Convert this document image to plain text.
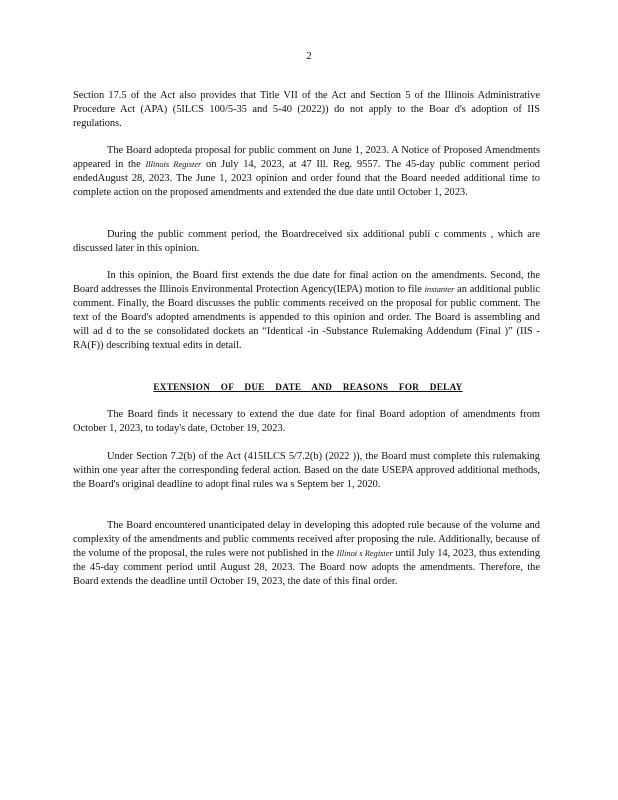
2

Section 17.5 of the Act also provides that Title VII of the Act and Section 5 of the Illinois Administrative Procedure Act (APA) (5ILCS 100/5-35 and 5-40 (2022)) do not apply to the Boar d's adoption of IIS regulations.

The Board adopteda proposal for public comment on June 1, 2023. A Notice of Proposed Amendments appeared in the Illinois Register on July 14, 2023, at 47 Ill. Reg. 9557. The 45-day public comment period endedAugust 28, 2023. The June 1, 2023 opinion and order found that the Board needed additional time to complete action on the proposed amendments and extended the due date until October 1, 2023.

During the public comment period, the Boardreceived six additional publi c comments , which are discussed later in this opinion.

In this opinion, the Board first extends the due date for final action on the amendments. Second, the Board addresses the Illinois Environmental Protection Agency(IEPA) motion to file instanter an additional public comment. Finally, the Board discusses the public comments received on the proposal for public comment. The text of the Board's adopted amendments is appended to this opinion and order. The Board is assembling and will ad d to the se consolidated dockets an “Identical -in -Substance Rulemaking Addendum (Final )” (IIS -RA(F)) describing textual edits in detail.

EXTENSION OF DUE DATE AND REASONS FOR DELAY

The Board finds it necessary to extend the due date for final Board adoption of amendments from October 1, 2023, to today's date, October 19, 2023.

Under Section 7.2(b) of the Act (415ILCS 5/7.2(b) (2022 )), the Board must complete this rulemaking within one year after the corresponding federal action. Based on the date USEPA approved additional methods, the Board's original deadline to adopt final rules wa s Septem ber 1, 2020.

The Board encountered unanticipated delay in developing this adopted rule because of the volume and complexity of the amendments and public comments received after proposing the rule. Additionally, because of the volume of the proposal, the rules were not published in the Illinoi s Register until July 14, 2023, thus extending the 45-day comment period until August 28, 2023. The Board now adopts the amendments. Therefore, the Board extends the deadline until October 19, 2023, the date of this final order.
